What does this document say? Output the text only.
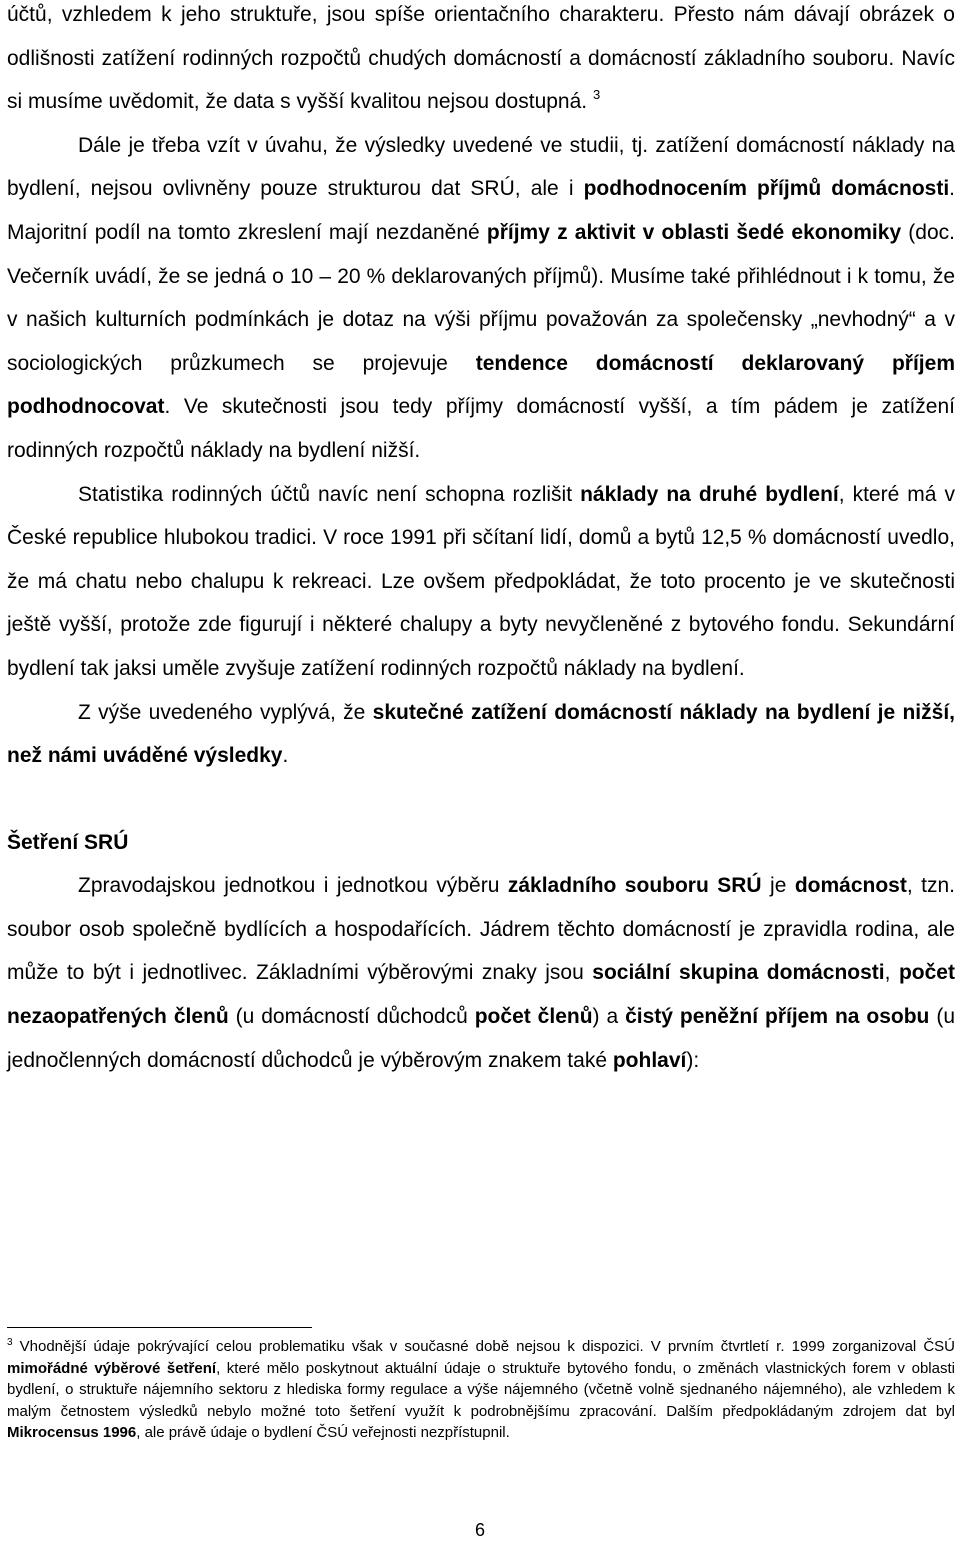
účtů, vzhledem k jeho struktuře, jsou spíše orientačního charakteru. Přesto nám dávají obrázek o odlišnosti zatížení rodinných rozpočtů chudých domácností a domácností základního souboru. Navíc si musíme uvědomit, že data s vyšší kvalitou nejsou dostupná. $^3$

Dále je třeba vzít v úvahu, že výsledky uvedené ve studii, tj. zatížení domácností náklady na bydlení, nejsou ovlivněny pouze strukturou dat SRÚ, ale i podhodnocením příjmů domácnosti. Majoritní podíl na tomto zkreslení mají nezdaněné příjmy z aktivit v oblasti šedé ekonomiky (doc. Večerník uvádí, že se jedná o 10 – 20 % deklarovaných příjmů). Musíme také přihlédnout i k tomu, že v našich kulturních podmínkách je dotaz na výši příjmu považován za společensky „nevhodný“ a v sociologických průzkumech se projevuje tendence domácností deklarovaný příjem podhodnocovat. Ve skutečnosti jsou tedy příjmy domácností vyšší, a tím pádem je zatížení rodinných rozpočtů náklady na bydlení nižší.

Statistika rodinných účtů navíc není schopna rozlišit náklady na druhé bydlení, které má v České republice hlubokou tradici. V roce 1991 při sčítaní lidí, domů a bytů 12,5 % domácností uvedlo, že má chatu nebo chalupu k rekreaci. Lze ovšem předpokládat, že toto procento je ve skutečnosti ještě vyšší, protože zde figurují i některé chalupy a byty nevyčleněné z bytového fondu. Sekundární bydlení tak jaksi uměle zvyšuje zatížení rodinných rozpočtů náklady na bydlení.

Z výše uvedeného vyplývá, že skutečné zatížení domácností náklady na bydlení je nižší, než námi uváděné výsledky.

Šetření SRÚ

Zpravodajskou jednotkou i jednotkou výběru základního souboru SRÚ je domácnost, tzn. soubor osob společně bydlících a hospodařících. Jádrem těchto domácností je zpravidla rodina, ale může to být i jednotlivec. Základními výběrovými znaky jsou sociální skupina domácnosti, počet nezaopatřených členů (u domácností důchodců počet členů) a čistý peněžní příjem na osobu (u jednočlenných domácností důchodců je výběrovým znakem také pohlaví):

$^3$ Vhodnější údaje pokrývající celou problematiku však v současné době nejsou k dispozici. V prvním čtvrtletí r. 1999 zorganizoval ČSÚ mimořádné výběrové šetření, které mělo poskytnout aktuální údaje o struktuře bytového fondu, o změnách vlastnických forem v oblasti bydlení, o struktuře nájemního sektoru z hlediska formy regulace a výše nájemného (včetně volně sjednaného nájemného), ale vzhledem k malým četnostem výsledků nebylo možné toto šetření využít k podrobnějšímu zpracování. Dalším předpokládaným zdrojem dat byl Mikrocensus 1996, ale právě údaje o bydlení ČSÚ veřejnosti nezpřístupnil.

6
